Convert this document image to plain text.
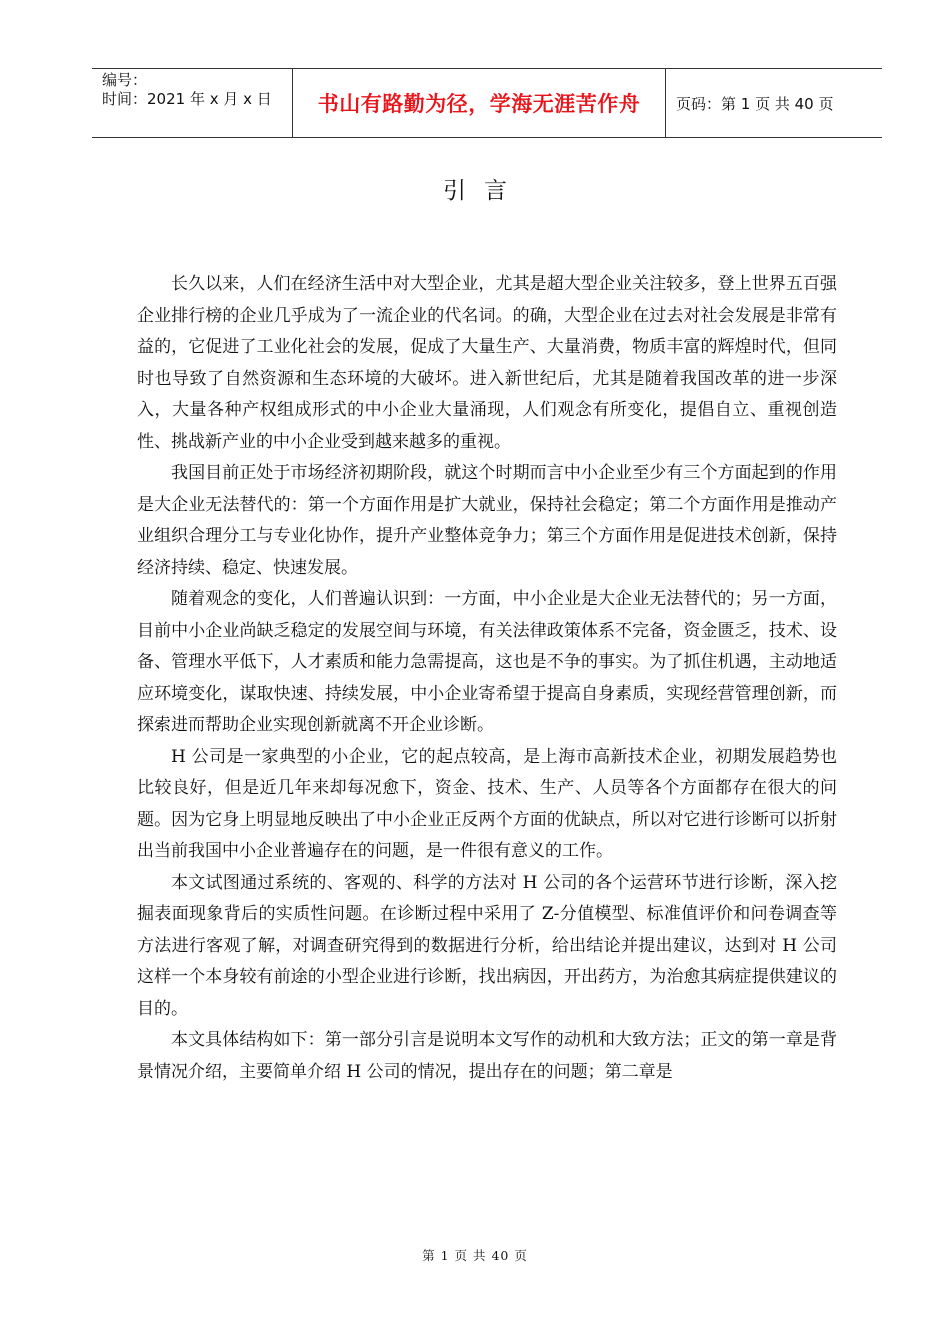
编号：
时间：2021 年 x 月 x 日	书山有路勤为径，学海无涯苦作舟	页码：第 1 页 共 40 页
引言

长久以来，人们在经济生活中对大型企业，尤其是超大型企业关注较多，登上世界五百强企业排行榜的企业几乎成为了一流企业的代名词。的确，大型企业在过去对社会发展是非常有益的，它促进了工业化社会的发展，促成了大量生产、大量消费，物质丰富的辉煌时代，但同时也导致了自然资源和生态环境的大破坏。进入新世纪后，尤其是随着我国改革的进一步深入，大量各种产权组成形式的中小企业大量涌现，人们观念有所变化，提倡自立、重视创造性、挑战新产业的中小企业受到越来越多的重视。

我国目前正处于市场经济初期阶段，就这个时期而言中小企业至少有三个方面起到的作用是大企业无法替代的：第一个方面作用是扩大就业，保持社会稳定；第二个方面作用是推动产业组织合理分工与专业化协作，提升产业整体竞争力；第三个方面作用是促进技术创新，保持经济持续、稳定、快速发展。

随着观念的变化，人们普遍认识到：一方面，中小企业是大企业无法替代的；另一方面，目前中小企业尚缺乏稳定的发展空间与环境，有关法律政策体系不完备，资金匮乏，技术、设备、管理水平低下，人才素质和能力急需提高，这也是不争的事实。为了抓住机遇，主动地适应环境变化，谋取快速、持续发展，中小企业寄希望于提高自身素质，实现经营管理创新，而探索进而帮助企业实现创新就离不开企业诊断。

H 公司是一家典型的小企业，它的起点较高，是上海市高新技术企业，初期发展趋势也比较良好，但是近几年来却每况愈下，资金、技术、生产、人员等各个方面都存在很大的问题。因为它身上明显地反映出了中小企业正反两个方面的优缺点，所以对它进行诊断可以折射出当前我国中小企业普遍存在的问题，是一件很有意义的工作。

本文试图通过系统的、客观的、科学的方法对 H 公司的各个运营环节进行诊断，深入挖掘表面现象背后的实质性问题。在诊断过程中采用了 Z-分值模型、标准值评价和问卷调查等方法进行客观了解，对调查研究得到的数据进行分析，给出结论并提出建议，达到对 H 公司这样一个本身较有前途的小型企业进行诊断，找出病因，开出药方，为治愈其病症提供建议的目的。

本文具体结构如下：第一部分引言是说明本文写作的动机和大致方法；正文的第一章是背景情况介绍，主要简单介绍 H 公司的情况，提出存在的问题；第二章是

第 1 页 共 40 页
